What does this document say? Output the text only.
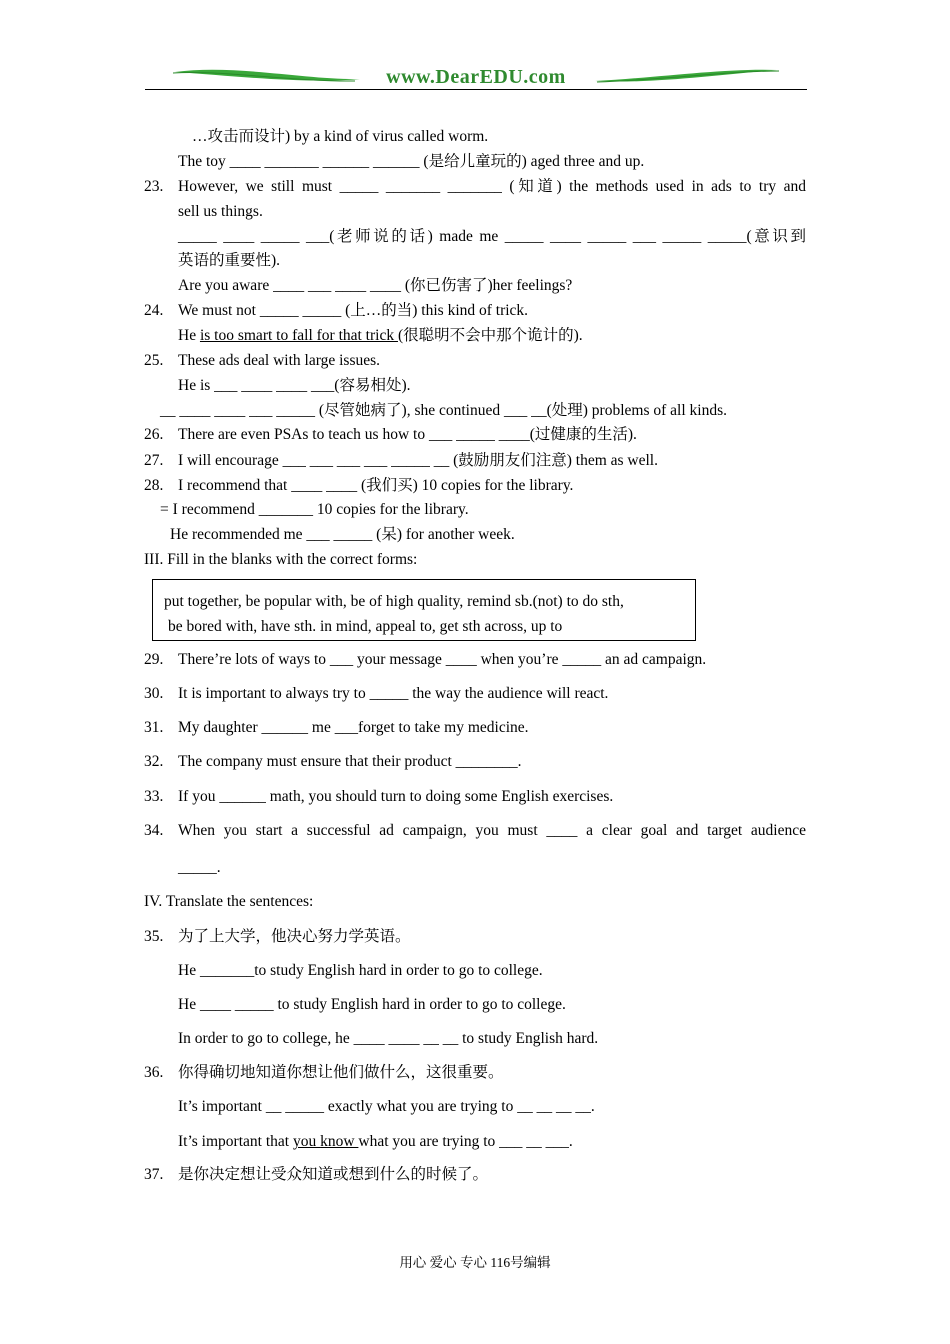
www.DearEDU.com
…攻击而设计) by a kind of virus called worm.
The toy ____ _______ ______ ______ (是给儿童玩的) aged three and up.
23. However, we still must _____ _______ _______ (知道) the methods used in ads to try and
sell us things.
_____ ____ _____ ___(老师说的话) made me _____ ____ _____ ___ _____ _____(意识到
英语的重要性).
Are you aware ____ ___ ____ ____ (你已伤害了)her feelings?
24. We must not _____ _____ (上…的当) this kind of trick.
He is too smart to fall for that trick (很聪明不会中那个诡计的).
25. These ads deal with large issues.
He is ___ ____ ____ ___(容易相处).
__ ____ ____ ___ _____ (尽管她病了), she continued ___ __(处理) problems of all kinds.
26. There are even PSAs to teach us how to ___ _____ ____(过健康的生活).
27. I will encourage ___ ___ ___ ___ _____ __ (鼓励朋友们注意) them as well.
28. I recommend that ____ ____ (我们买) 10 copies for the library.
= I recommend _______ 10 copies for the library.
He recommended me ___ _____ (呆) for another week.
III. Fill in the blanks with the correct forms:
put together, be popular with, be of high quality, remind sb.(not) to do sth,
be bored with, have sth. in mind, appeal to, get sth across, up to
29. There’re lots of ways to ___ your message ____ when you’re _____ an ad campaign.
30. It is important to always try to _____ the way the audience will react.
31. My daughter ______ me ___forget to take my medicine.
32. The company must ensure that their product ________.
33. If you ______ math, you should turn to doing some English exercises.
34. When you start a successful ad campaign, you must ____ a clear goal and target audience
_____.
IV. Translate the sentences:
35. 为了上大学，他决心努力学英语。
He _______to study English hard in order to go to college.
He ____ _____ to study English hard in order to go to college.
In order to go to college, he ____ ____ __ __ to study English hard.
36. 你得确切地知道你想让他们做什么，这很重要。
It’s important __ _____ exactly what you are trying to __ __ __ __.
It’s important that you know what you are trying to ___ __ ___.
37. 是你决定想让受众知道或想到什么的时候了。
用心 爱心 专心 116号编辑
